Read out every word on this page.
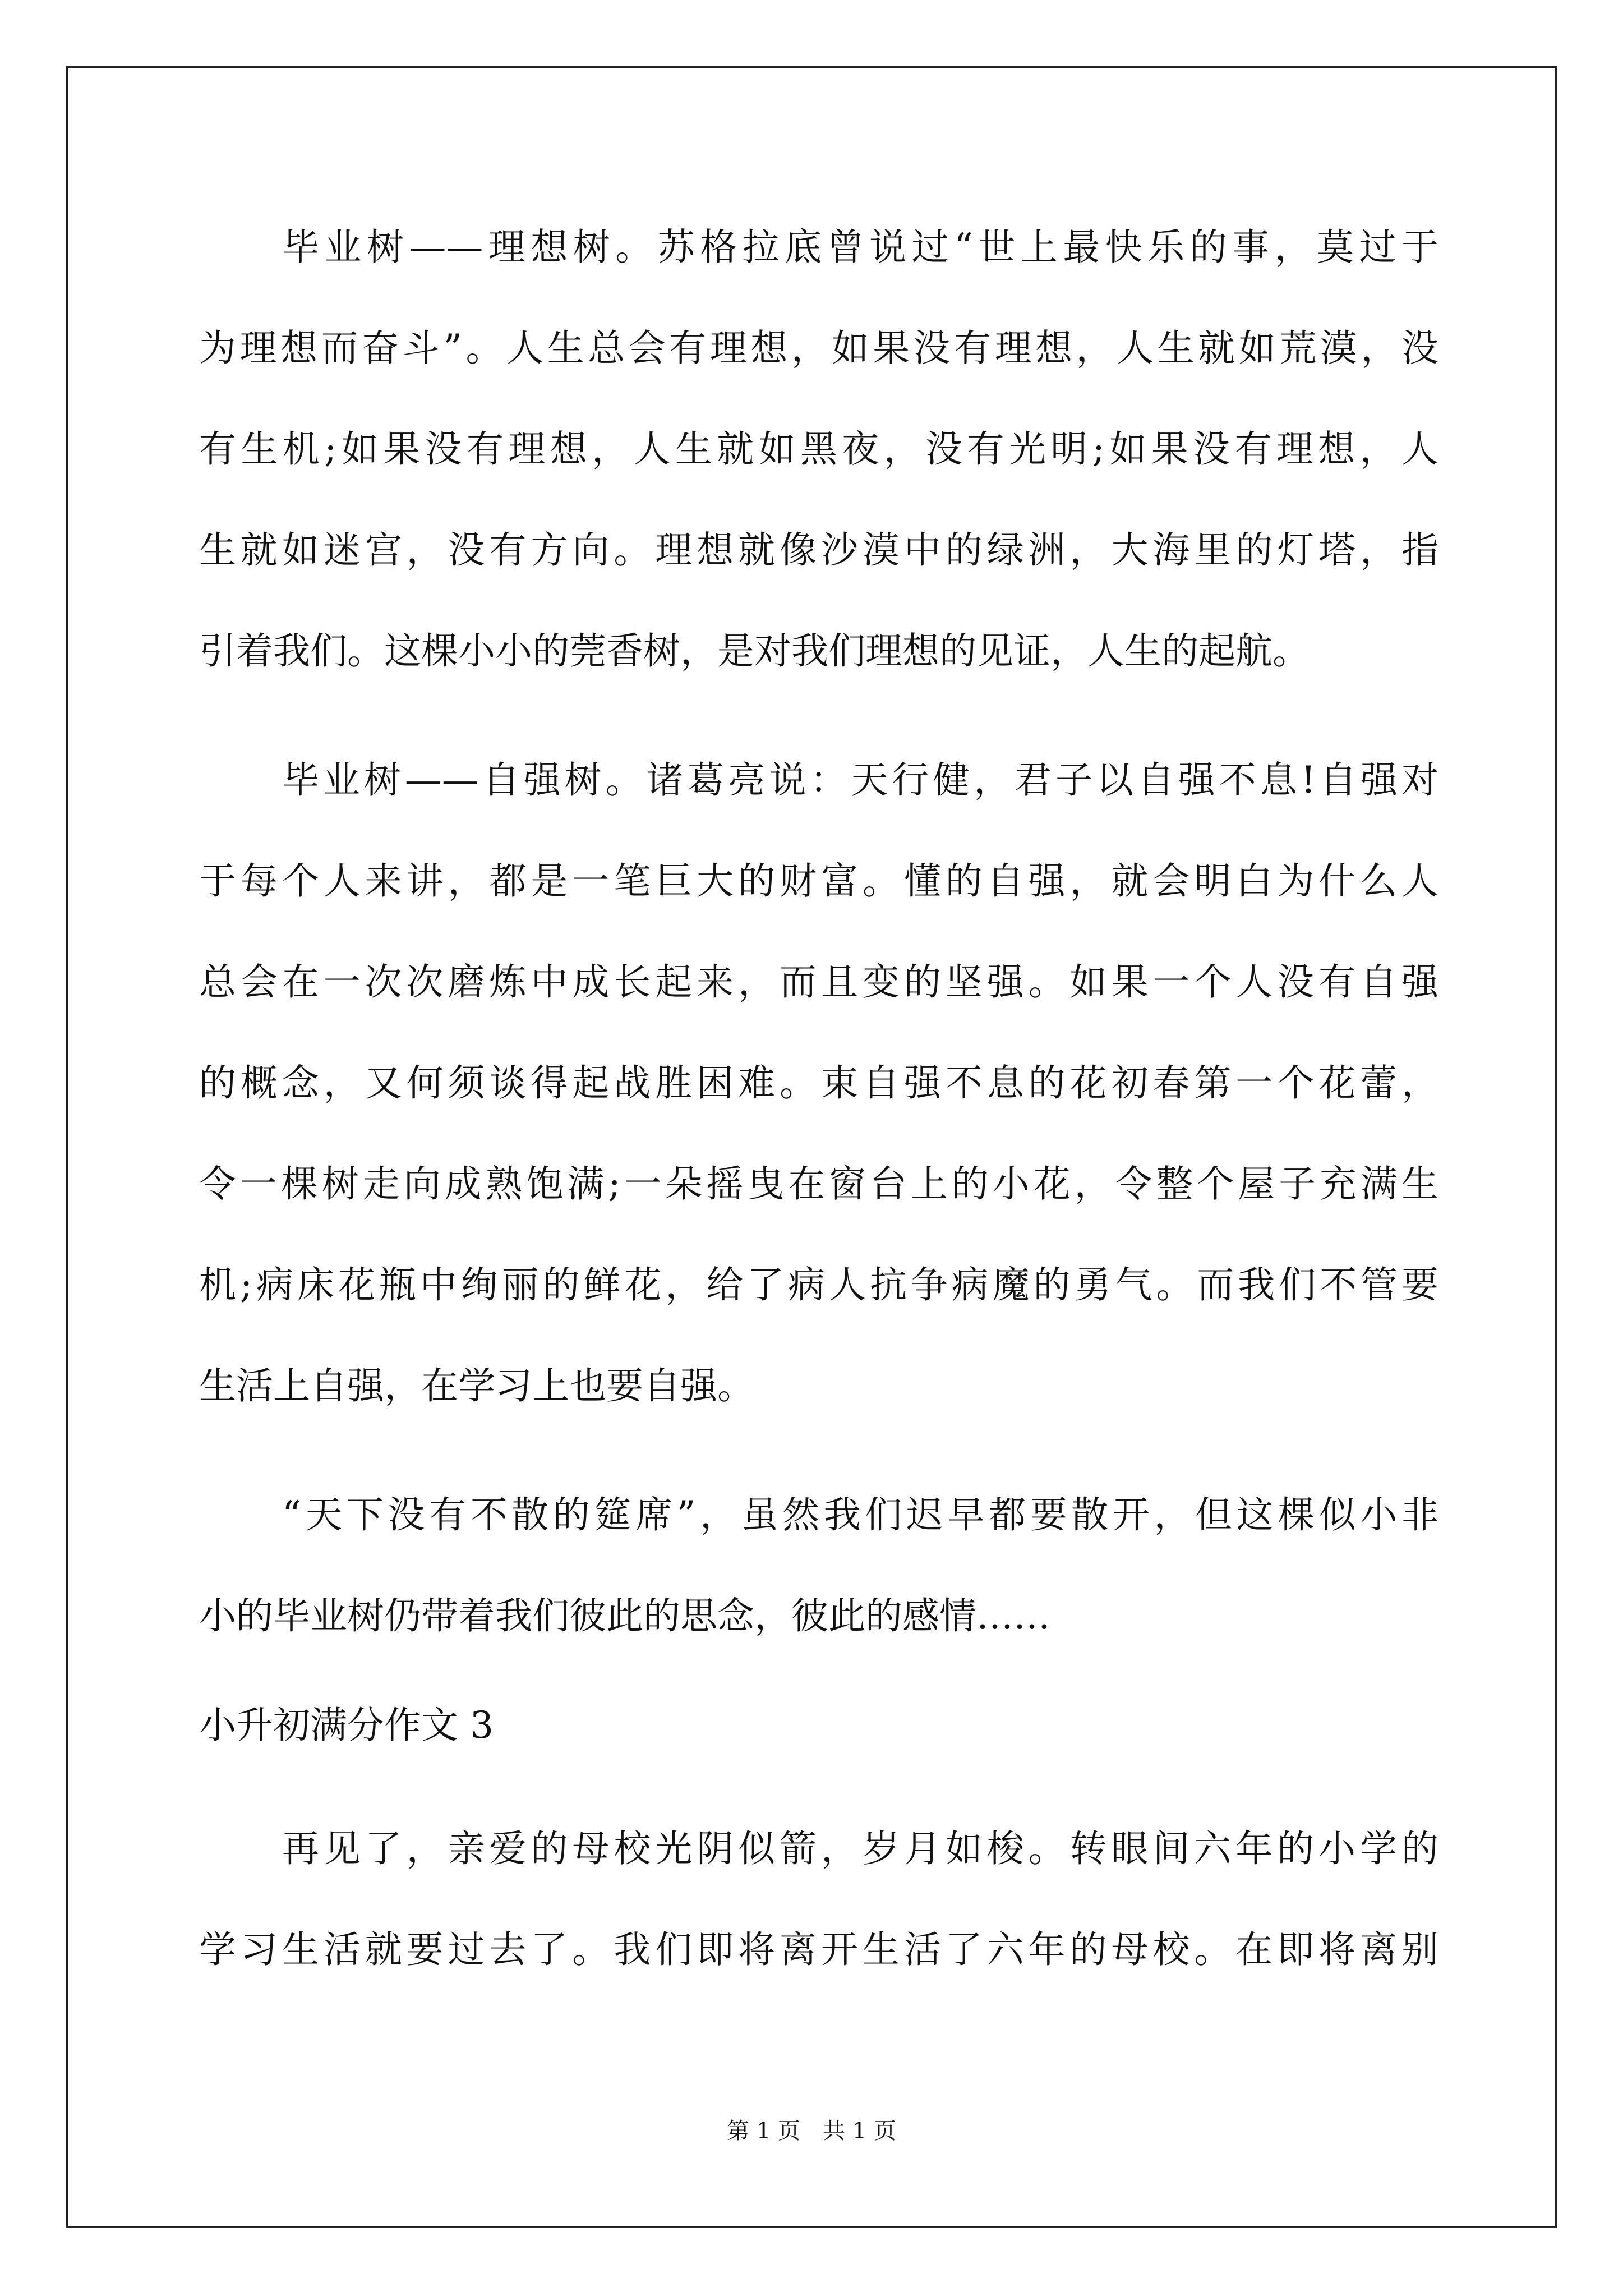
毕业树——理想树。苏格拉底曾说过“世上最快乐的事，莫过于
为理想而奋斗”。人生总会有理想，如果没有理想，人生就如荒漠，没
有生机;如果没有理想，人生就如黑夜，没有光明;如果没有理想，人
生就如迷宫，没有方向。理想就像沙漠中的绿洲，大海里的灯塔，指
引着我们。这棵小小的莞香树，是对我们理想的见证，人生的起航。
毕业树——自强树。诸葛亮说：天行健，君子以自强不息!自强对
于每个人来讲，都是一笔巨大的财富。懂的自强，就会明白为什么人
总会在一次次磨炼中成长起来，而且变的坚强。如果一个人没有自强
的概念，又何须谈得起战胜困难。束自强不息的花初春第一个花蕾，
令一棵树走向成熟饱满;一朵摇曳在窗台上的小花，令整个屋子充满生
机;病床花瓶中绚丽的鲜花，给了病人抗争病魔的勇气。而我们不管要
生活上自强，在学习上也要自强。
“天下没有不散的筵席”，虽然我们迟早都要散开，但这棵似小非
小的毕业树仍带着我们彼此的思念，彼此的感情……
小升初满分作文 3
再见了，亲爱的母校光阴似箭，岁月如梭。转眼间六年的小学的
学习生活就要过去了。我们即将离开生活了六年的母校。在即将离别
第 1 页　共 1 页
